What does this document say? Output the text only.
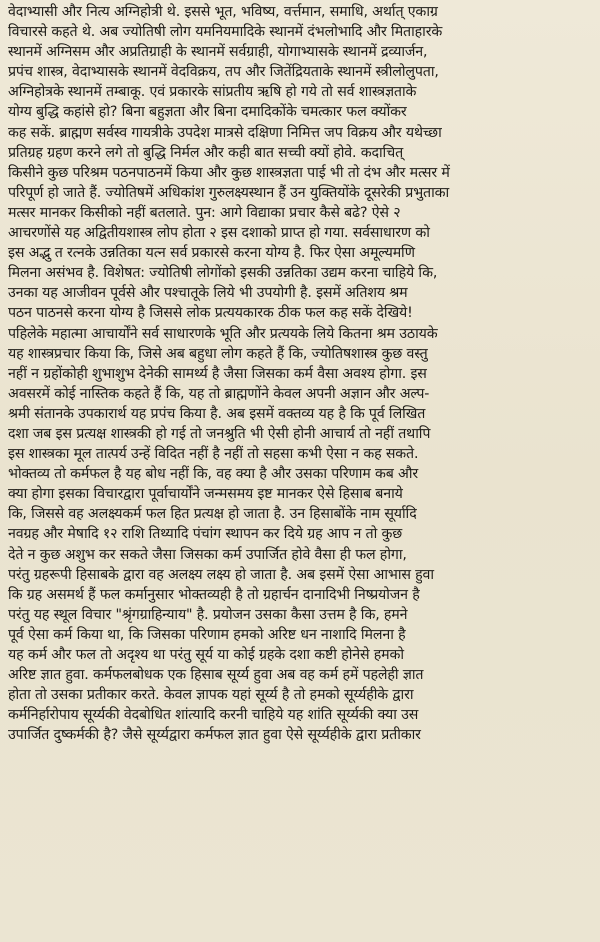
वेदाभ्यासी और नित्य अग्निहोत्री थे. इससे भूत, भविष्य, वर्त्तमान, समाधि, अर्थात् एकाग्र
विचारसे कहते थे. अब ज्योतिषी लोग यमनियमादिके स्थानमें दंभलोभादि और मिताहारके
स्थानमें अग्निसम और अप्रतिग्राही के स्थानमें सर्वग्राही, योगाभ्यासके स्थानमें द्रव्यार्जन,
प्रपंच शास्त्र, वेदाभ्यासके स्थानमें वेदविक्रय, तप और जितेंद्रियताके स्थानमें स्त्रीलोलुपता,
अग्निहोत्रके स्थानमें तम्बाकू. एवं प्रकारके सांप्रतीय ऋषि हो गये तो सर्व शास्त्रज्ञताके
योग्य बुद्धि कहांसे हो? बिना बहुज्ञता और बिना दमादिकोंके चमत्कार फल क्योंकर
कह सकें. ब्राह्मण सर्वस्व गायत्रीके उपदेश मात्रसे दक्षिणा निमित्त जप विक्रय और यथेच्छा
प्रतिग्रह ग्रहण करने लगे तो बुद्धि निर्मल और कही बात सच्ची क्यों होवे. कदाचित्
किसीने कुछ परिश्रम पठनपाठनमें किया और कुछ शास्त्रज्ञता पाई भी तो दंभ और मत्सर में
परिपूर्ण हो जाते हैं. ज्योतिषमें अधिकांश गुरुलक्ष्यस्थान हैं उन युक्तियोंके दूसरेकी प्रभुताका
मत्सर मानकर किसीको नहीं बतलाते. पुन: आगे विद्याका प्रचार कैसे बढे? ऐसे २
आचरणोंसे यह अद्वितीयशास्त्र लोप होता २ इस दशाको प्राप्त हो गया. सर्वसाधारण को
इस अद्भु त रत्नके उन्नतिका यत्न सर्व प्रकारसे करना योग्य है. फिर ऐसा अमूल्यमणि
मिलना असंभव है. विशेषत: ज्योतिषी लोगोंको इसकी उन्नतिका उद्यम करना चाहिये कि,
उनका यह आजीवन पूर्वसे और पश्चातूके लिये भी उपयोगी है. इसमें अतिशय श्रम
पठन पाठनसे करना योग्य है जिससे लोक प्रत्ययकारक ठीक फल कह सकें देखिये!
पहिलेके महात्मा आचार्योंने सर्व साधारणके भूति और प्रत्ययके लिये कितना श्रम उठायके
यह शास्त्रप्रचार किया कि, जिसे अब बहुधा लोग कहते हैं कि, ज्योतिषशास्त्र कुछ वस्तु
नहीं न ग्रहोंकोही शुभाशुभ देनेकी सामर्थ्य है जैसा जिसका कर्म वैसा अवश्य होगा. इस
अवसरमें कोई नास्तिक कहते हैं कि, यह तो ब्राह्मणोंने केवल अपनी अज्ञान और अल्प-
श्रमी संतानके उपकारार्थ यह प्रपंच किया है. अब इसमें वक्तव्य यह है कि पूर्व लिखित
दशा जब इस प्रत्यक्ष शास्त्रकी हो गई तो जनश्रुति भी ऐसी होनी आचार्य तो नहीं तथापि
इस शास्त्रका मूल तात्पर्य उन्हें विदित नहीं है नहीं तो सहसा कभी ऐसा न कह सकते.
भोक्तव्य तो कर्मफल है यह बोध नहीं कि, वह क्या है और उसका परिणाम कब और
क्या होगा इसका विचारद्वारा पूर्वाचार्योंने जन्मसमय इष्ट मानकर ऐसे हिसाब बनाये
कि, जिससे वह अलक्ष्यकर्म फल हित प्रत्यक्ष हो जाता है. उन हिसाबोंके नाम सूर्यादि
नवग्रह और मेषादि १२ राशि तिथ्यादि पंचांग स्थापन कर दिये ग्रह आप न तो कुछ
देते न कुछ अशुभ कर सकते जैसा जिसका कर्म उपार्जित होवे वैसा ही फल होगा,
परंतु ग्रहरूपी हिसाबके द्वारा वह अलक्ष्य लक्ष्य हो जाता है. अब इसमें ऐसा आभास हुवा
कि ग्रह असमर्थ हैं फल कर्मानुसार भोक्तव्यही है तो ग्रहार्चन दानादिभी निष्प्रयोजन है
परंतु यह स्थूल विचार "श्रृंगग्राहिन्याय" है. प्रयोजन उसका कैसा उत्तम है कि, हमने
पूर्व ऐसा कर्म किया था, कि जिसका परिणाम हमको अरिष्ट धन नाशादि मिलना है
यह कर्म और फल तो अदृश्य था परंतु सूर्य या कोई ग्रहके दशा कष्टी होनेसे हमको
अरिष्ट ज्ञात हुवा. कर्मफलबोधक एक हिसाब सूर्य्य हुवा अब वह कर्म हमें पहलेही ज्ञात
होता तो उसका प्रतीकार करते. केवल ज्ञापक यहां सूर्य्य है तो हमको सूर्य्यहीके द्वारा
कर्मनिर्हारोपाय सूर्य्यकी वेदबोधित शांत्यादि करनी चाहिये यह शांति सूर्य्यकी क्या उस
उपार्जित दुष्कर्मकी है? जैसे सूर्य्यद्वारा कर्मफल ज्ञात हुवा ऐसे सूर्य्यहीके द्वारा प्रतीकार
